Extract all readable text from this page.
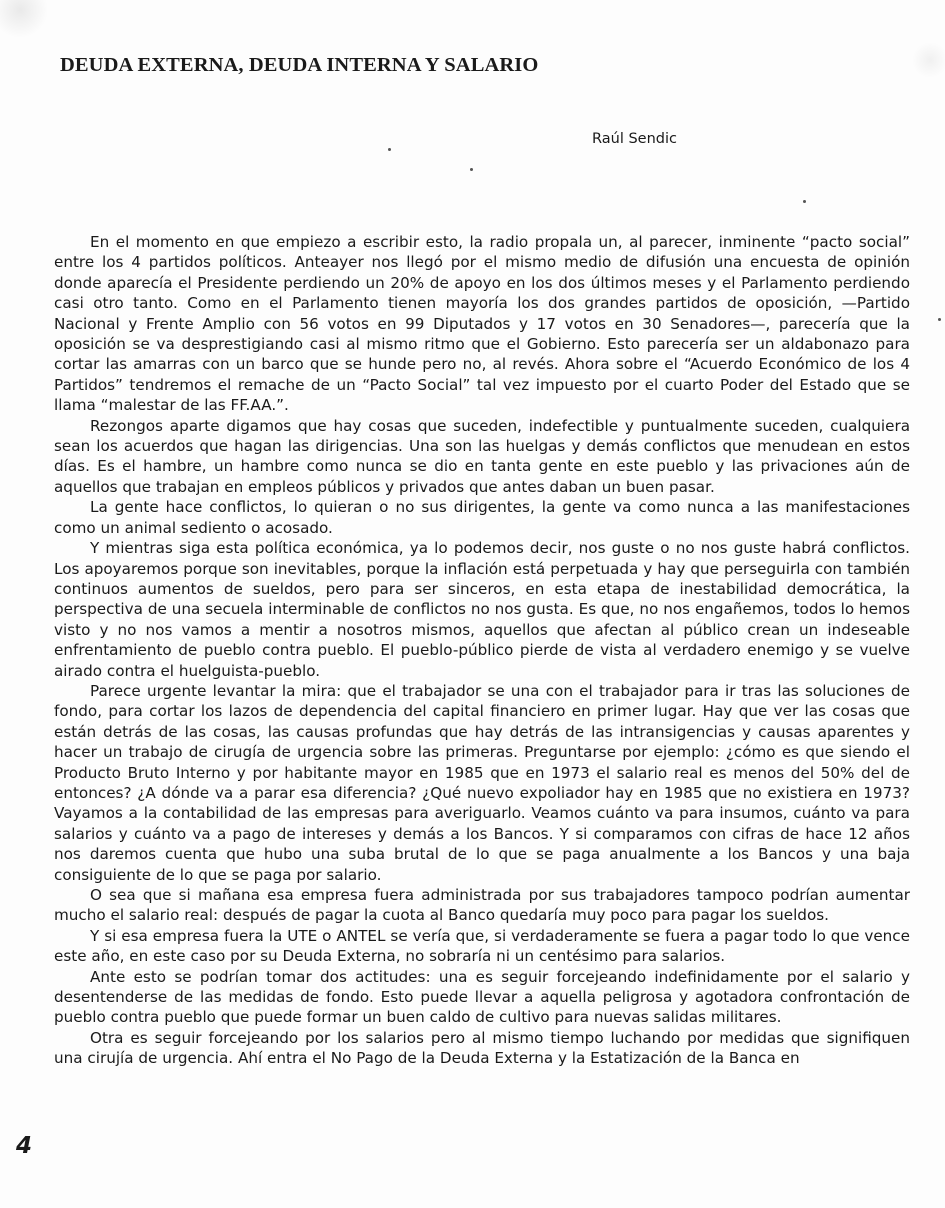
DEUDA EXTERNA, DEUDA INTERNA Y SALARIO
Raúl Sendic

En el momento en que empiezo a escribir esto, la radio propala un, al parecer, inminente “pacto social” entre los 4 partidos políticos. Anteayer nos llegó por el mismo medio de difusión una encuesta de opinión donde aparecía el Presidente perdiendo un 20% de apoyo en los dos últimos meses y el Parlamento perdiendo casi otro tanto. Como en el Parlamento tienen mayoría los dos grandes partidos de oposición, —Partido Nacional y Frente Amplio con 56 votos en 99 Diputados y 17 votos en 30 Senadores—, parecería que la oposición se va desprestigiando casi al mismo ritmo que el Gobierno. Esto parecería ser un aldabonazo para cortar las amarras con un barco que se hunde pero no, al revés. Ahora sobre el “Acuerdo Económico de los 4 Partidos” tendremos el remache de un “Pacto Social” tal vez impuesto por el cuarto Poder del Estado que se llama “malestar de las FF.AA.”.

Rezongos aparte digamos que hay cosas que suceden, indefectible y puntualmente suceden, cualquiera sean los acuerdos que hagan las dirigencias. Una son las huelgas y demás conflictos que menudean en estos días. Es el hambre, un hambre como nunca se dio en tanta gente en este pueblo y las privaciones aún de aquellos que trabajan en empleos públicos y privados que antes daban un buen pasar.

La gente hace conflictos, lo quieran o no sus dirigentes, la gente va como nunca a las manifestaciones como un animal sediento o acosado.

Y mientras siga esta política económica, ya lo podemos decir, nos guste o no nos guste habrá conflictos. Los apoyaremos porque son inevitables, porque la inflación está perpetuada y hay que perseguirla con también continuos aumentos de sueldos, pero para ser sinceros, en esta etapa de inestabilidad democrática, la perspectiva de una secuela interminable de conflictos no nos gusta. Es que, no nos engañemos, todos lo hemos visto y no nos vamos a mentir a nosotros mismos, aquellos que afectan al público crean un indeseable enfrentamiento de pueblo contra pueblo. El pueblo-público pierde de vista al verdadero enemigo y se vuelve airado contra el huelguista-pueblo.

Parece urgente levantar la mira: que el trabajador se una con el trabajador para ir tras las soluciones de fondo, para cortar los lazos de dependencia del capital financiero en primer lugar. Hay que ver las cosas que están detrás de las cosas, las causas profundas que hay detrás de las intransigencias y causas aparentes y hacer un trabajo de cirugía de urgencia sobre las primeras. Preguntarse por ejemplo: ¿cómo es que siendo el Producto Bruto Interno y por habitante mayor en 1985 que en 1973 el salario real es menos del 50% del de entonces? ¿A dónde va a parar esa diferencia? ¿Qué nuevo expoliador hay en 1985 que no existiera en 1973? Vayamos a la contabilidad de las empresas para averiguarlo. Veamos cuánto va para insumos, cuánto va para salarios y cuánto va a pago de intereses y demás a los Bancos. Y si comparamos con cifras de hace 12 años nos daremos cuenta que hubo una suba brutal de lo que se paga anualmente a los Bancos y una baja consiguiente de lo que se paga por salario.

O sea que si mañana esa empresa fuera administrada por sus trabajadores tampoco podrían aumentar mucho el salario real: después de pagar la cuota al Banco quedaría muy poco para pagar los sueldos.

Y si esa empresa fuera la UTE o ANTEL se vería que, si verdaderamente se fuera a pagar todo lo que vence este año, en este caso por su Deuda Externa, no sobraría ni un centésimo para salarios.

Ante esto se podrían tomar dos actitudes: una es seguir forcejeando indefinidamente por el salario y desentenderse de las medidas de fondo. Esto puede llevar a aquella peligrosa y agotadora confrontación de pueblo contra pueblo que puede formar un buen caldo de cultivo para nuevas salidas militares.

Otra es seguir forcejeando por los salarios pero al mismo tiempo luchando por medidas que signifiquen una cirujía de urgencia. Ahí entra el No Pago de la Deuda Externa y la Estatización de la Banca en

4
